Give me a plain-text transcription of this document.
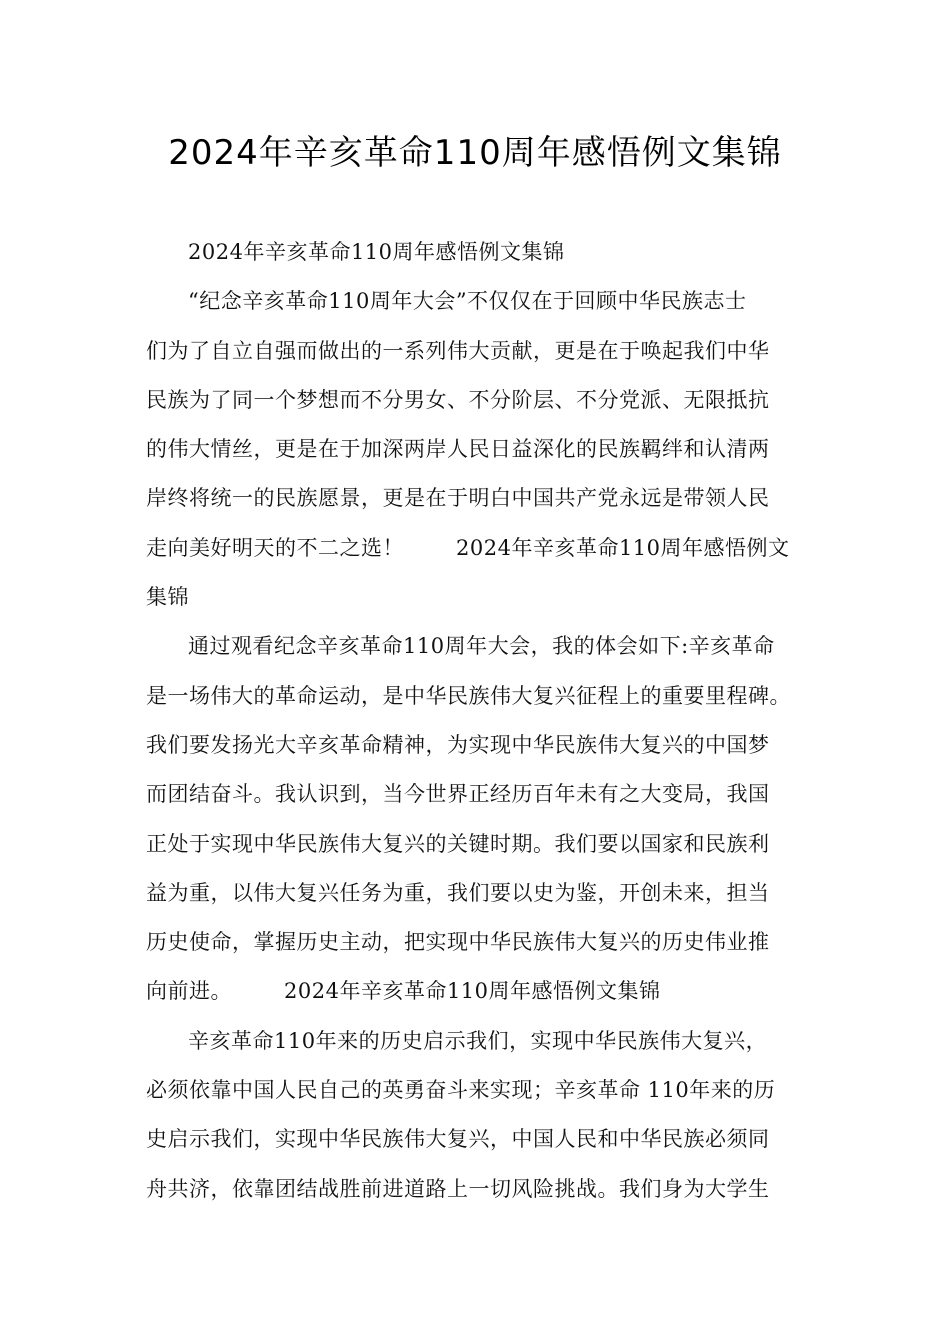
2024年辛亥革命110周年感悟例文集锦
2024年辛亥革命110周年感悟例文集锦
“纪念辛亥革命110周年大会”不仅仅在于回顾中华民族志士
们为了自立自强而做出的一系列伟大贡献，更是在于唤起我们中华
民族为了同一个梦想而不分男女、不分阶层、不分党派、无限抵抗
的伟大情丝，更是在于加深两岸人民日益深化的民族羁绊和认清两
岸终将统一的民族愿景，更是在于明白中国共产党永远是带领人民
走向美好明天的不二之选！ 2024年辛亥革命110周年感悟例文
集锦
通过观看纪念辛亥革命110周年大会，我的体会如下:辛亥革命
是一场伟大的革命运动，是中华民族伟大复兴征程上的重要里程碑。
我们要发扬光大辛亥革命精神，为实现中华民族伟大复兴的中国梦
而团结奋斗。我认识到，当今世界正经历百年未有之大变局，我国
正处于实现中华民族伟大复兴的关键时期。我们要以国家和民族利
益为重，以伟大复兴任务为重，我们要以史为鉴，开创未来，担当
历史使命，掌握历史主动，把实现中华民族伟大复兴的历史伟业推
向前进。 2024年辛亥革命110周年感悟例文集锦
辛亥革命110年来的历史启示我们，实现中华民族伟大复兴，
必须依靠中国人民自己的英勇奋斗来实现；辛亥革命 110年来的历
史启示我们，实现中华民族伟大复兴，中国人民和中华民族必须同
舟共济，依靠团结战胜前进道路上一切风险挑战。我们身为大学生
